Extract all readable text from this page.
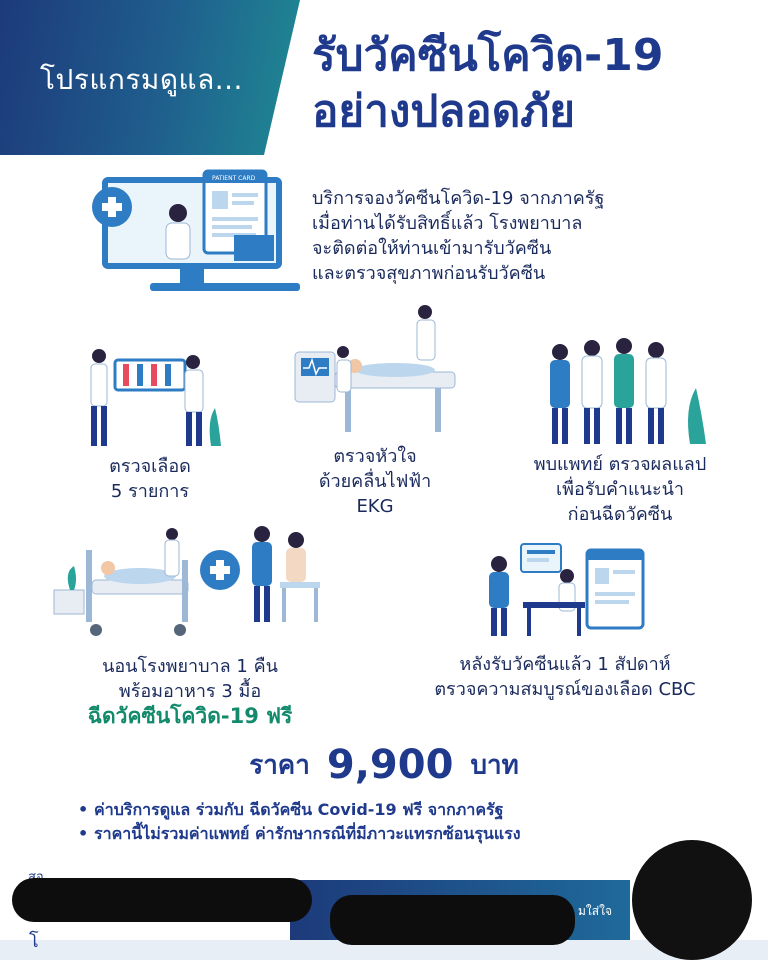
โปรแกรมดูแล...	รับวัคซีนโควิด-19
อย่างปลอดภัย
PATIENT CARD
บริการจองวัคซีนโควิด-19 จากภาครัฐ
เมื่อท่านได้รับสิทธิ์แล้ว โรงพยาบาล
จะติดต่อให้ท่านเข้ามารับวัคซีน
และตรวจสุขภาพก่อนรับวัคซีน
ตรวจเลือด
5 รายการ
ตรวจหัวใจ
ด้วยคลื่นไฟฟ้า
EKG
พบแพทย์ ตรวจผลแลป
เพื่อรับคำแนะนำ
ก่อนฉีดวัคซีน
นอนโรงพยาบาล 1 คืน
พร้อมอาหาร 3 มื้อ
ฉีดวัคซีนโควิด-19 ฟรี
หลังรับวัคซีนแล้ว 1 สัปดาห์
ตรวจความสมบูรณ์ของเลือด CBC
ราคา 9,900 บาท
• ค่าบริการดูแล ร่วมกับ ฉีดวัคซีน Covid-19 ฟรี จากภาครัฐ
• ราคานี้ไม่รวมค่าแพทย์ ค่ารักษากรณีที่มีภาวะแทรกซ้อนรุนแรง
โ
มใส่ใจ
